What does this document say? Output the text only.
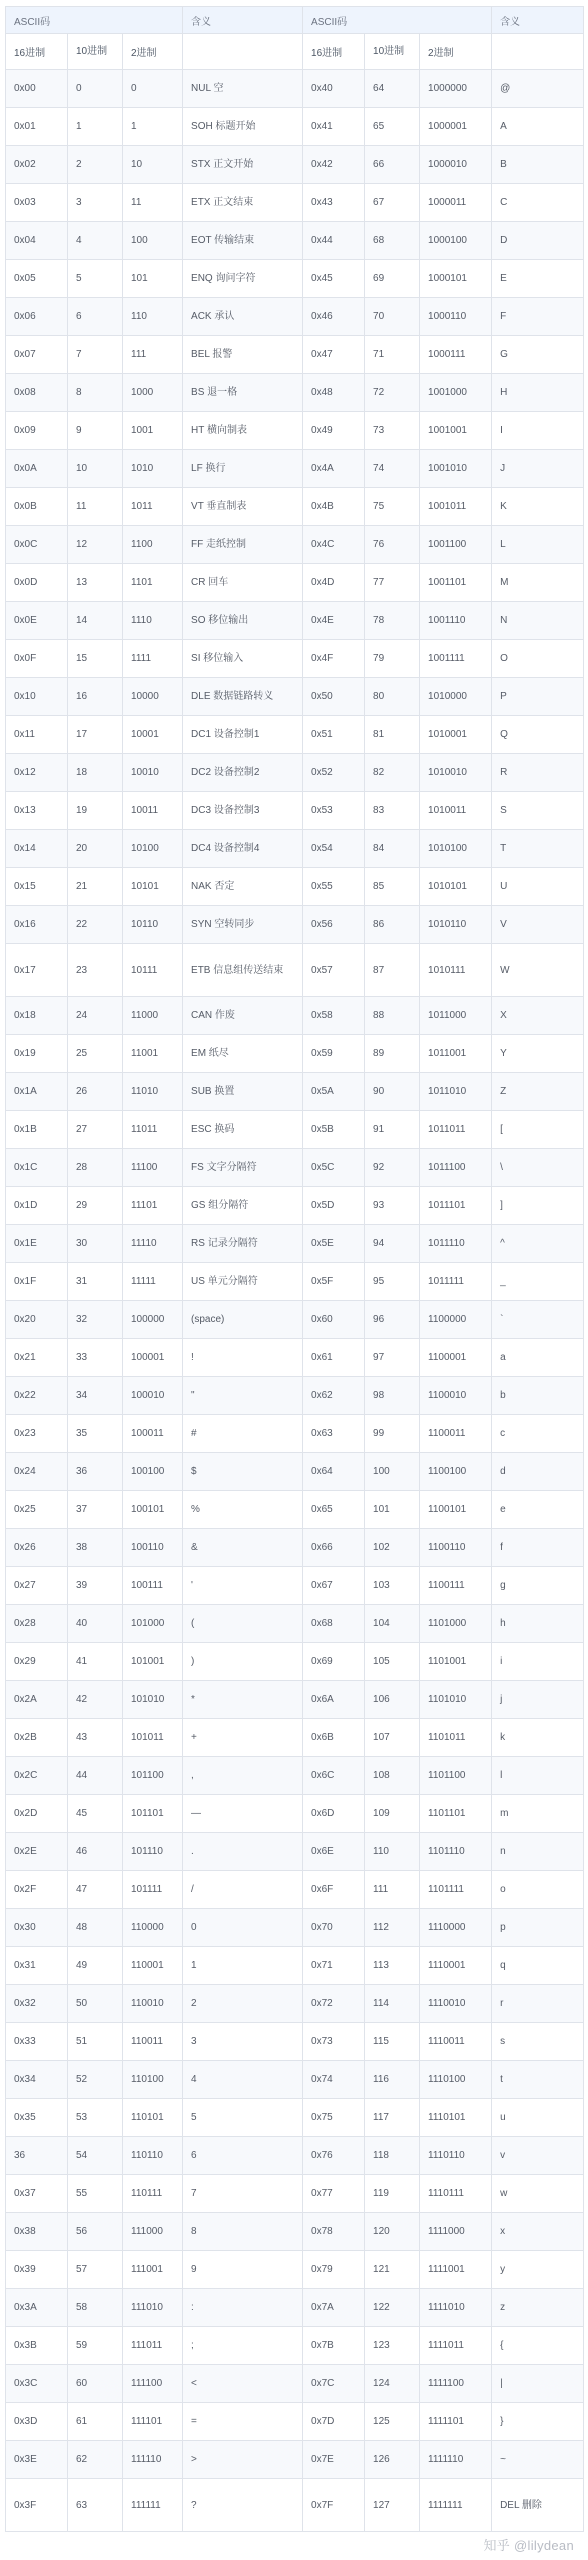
ASCII码			含义	ASCII码			含义
16进制	10进制	2进制		16进制	10进制	2进制	
0x00	0	0	NUL 空	0x40	64	1000000	@
0x01	1	1	SOH 标题开始	0x41	65	1000001	A
0x02	2	10	STX 正文开始	0x42	66	1000010	B
0x03	3	11	ETX 正文结束	0x43	67	1000011	C
0x04	4	100	EOT 传输结束	0x44	68	1000100	D
0x05	5	101	ENQ 询问字符	0x45	69	1000101	E
0x06	6	110	ACK 承认	0x46	70	1000110	F
0x07	7	111	BEL 报警	0x47	71	1000111	G
0x08	8	1000	BS 退一格	0x48	72	1001000	H
0x09	9	1001	HT 横向制表	0x49	73	1001001	I
0x0A	10	1010	LF 换行	0x4A	74	1001010	J
0x0B	11	1011	VT 垂直制表	0x4B	75	1001011	K
0x0C	12	1100	FF 走纸控制	0x4C	76	1001100	L
0x0D	13	1101	CR 回车	0x4D	77	1001101	M
0x0E	14	1110	SO 移位输出	0x4E	78	1001110	N
0x0F	15	1111	SI 移位输入	0x4F	79	1001111	O
0x10	16	10000	DLE 数据链路转义	0x50	80	1010000	P
0x11	17	10001	DC1 设备控制1	0x51	81	1010001	Q
0x12	18	10010	DC2 设备控制2	0x52	82	1010010	R
0x13	19	10011	DC3 设备控制3	0x53	83	1010011	S
0x14	20	10100	DC4 设备控制4	0x54	84	1010100	T
0x15	21	10101	NAK 否定	0x55	85	1010101	U
0x16	22	10110	SYN 空转同步	0x56	86	1010110	V
0x17	23	10111	ETB 信息组传送结束	0x57	87	1010111	W
0x18	24	11000	CAN 作废	0x58	88	1011000	X
0x19	25	11001	EM 纸尽	0x59	89	1011001	Y
0x1A	26	11010	SUB 换置	0x5A	90	1011010	Z
0x1B	27	11011	ESC 换码	0x5B	91	1011011	[
0x1C	28	11100	FS 文字分隔符	0x5C	92	1011100	\
0x1D	29	11101	GS 组分隔符	0x5D	93	1011101	]
0x1E	30	11110	RS 记录分隔符	0x5E	94	1011110	^
0x1F	31	11111	US 单元分隔符	0x5F	95	1011111	_
0x20	32	100000	(space)	0x60	96	1100000	`
0x21	33	100001	!	0x61	97	1100001	a
0x22	34	100010	"	0x62	98	1100010	b
0x23	35	100011	#	0x63	99	1100011	c
0x24	36	100100	$	0x64	100	1100100	d
0x25	37	100101	%	0x65	101	1100101	e
0x26	38	100110	&	0x66	102	1100110	f
0x27	39	100111	'	0x67	103	1100111	g
0x28	40	101000	(	0x68	104	1101000	h
0x29	41	101001	)	0x69	105	1101001	i
0x2A	42	101010	*	0x6A	106	1101010	j
0x2B	43	101011	+	0x6B	107	1101011	k
0x2C	44	101100	,	0x6C	108	1101100	l
0x2D	45	101101	—	0x6D	109	1101101	m
0x2E	46	101110	.	0x6E	110	1101110	n
0x2F	47	101111	/	0x6F	111	1101111	o
0x30	48	110000	0	0x70	112	1110000	p
0x31	49	110001	1	0x71	113	1110001	q
0x32	50	110010	2	0x72	114	1110010	r
0x33	51	110011	3	0x73	115	1110011	s
0x34	52	110100	4	0x74	116	1110100	t
0x35	53	110101	5	0x75	117	1110101	u
36	54	110110	6	0x76	118	1110110	v
0x37	55	110111	7	0x77	119	1110111	w
0x38	56	111000	8	0x78	120	1111000	x
0x39	57	111001	9	0x79	121	1111001	y
0x3A	58	111010	:	0x7A	122	1111010	z
0x3B	59	111011	;	0x7B	123	1111011	{
0x3C	60	111100	<	0x7C	124	1111100	|
0x3D	61	111101	=	0x7D	125	1111101	}
0x3E	62	111110	>	0x7E	126	1111110	~
0x3F	63	111111	?	0x7F	127	1111111	DEL 删除
知乎 @lilydean
